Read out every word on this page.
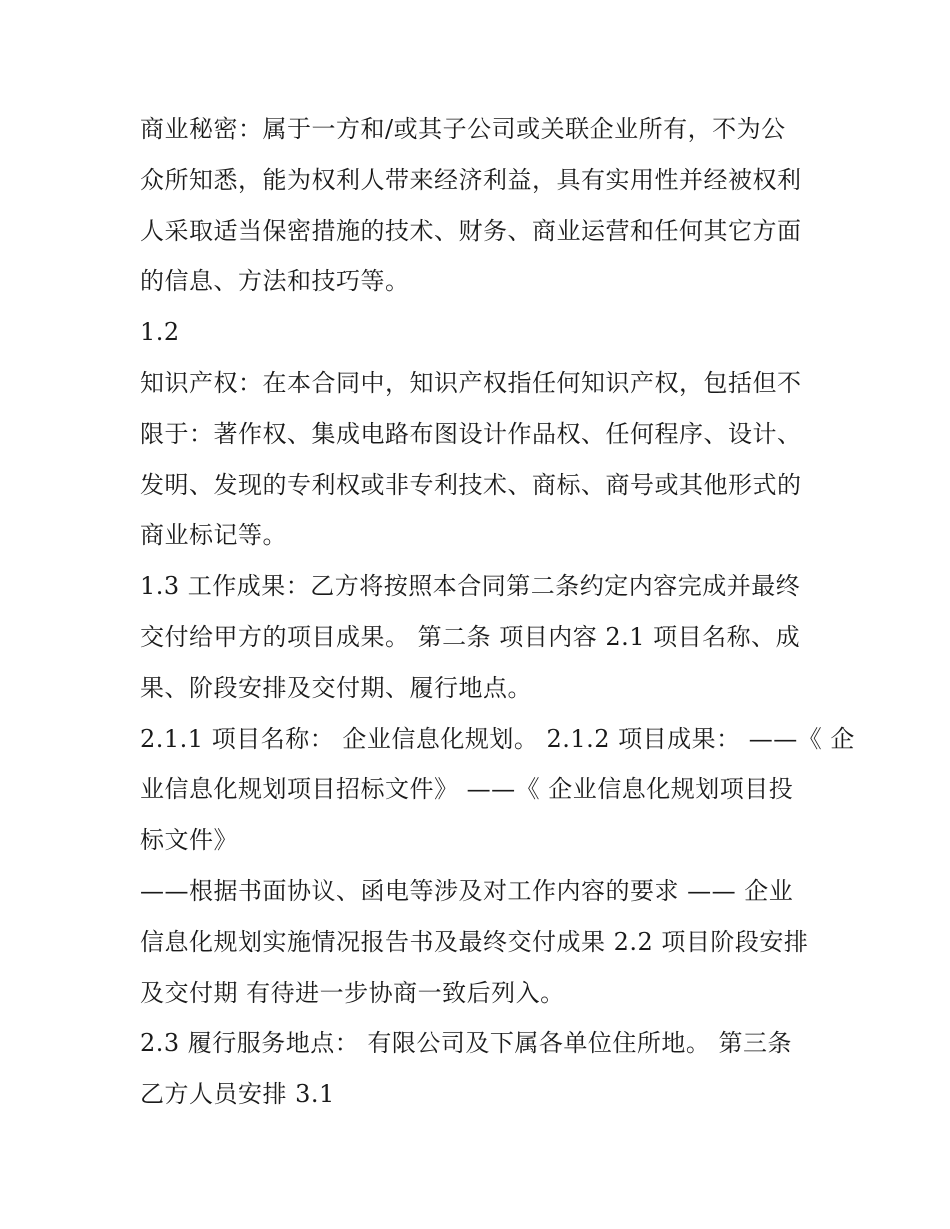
商业秘密：属于一方和/或其子公司或关联企业所有，不为公
众所知悉，能为权利人带来经济利益，具有实用性并经被权利
人采取适当保密措施的技术、财务、商业运营和任何其它方面
的信息、方法和技巧等。
1.2
知识产权：在本合同中，知识产权指任何知识产权，包括但不
限于：著作权、集成电路布图设计作品权、任何程序、设计、
发明、发现的专利权或非专利技术、商标、商号或其他形式的
商业标记等。
1.3 工作成果：乙方将按照本合同第二条约定内容完成并最终
交付给甲方的项目成果。 第二条 项目内容 2.1 项目名称、成
果、阶段安排及交付期、履行地点。
2.1.1 项目名称： 企业信息化规划。 2.1.2 项目成果： ——《 企
业信息化规划项目招标文件》 ——《 企业信息化规划项目投
标文件》
——根据书面协议、函电等涉及对工作内容的要求 —— 企业
信息化规划实施情况报告书及最终交付成果 2.2 项目阶段安排
及交付期 有待进一步协商一致后列入。
2.3 履行服务地点： 有限公司及下属各单位住所地。 第三条
乙方人员安排 3.1
